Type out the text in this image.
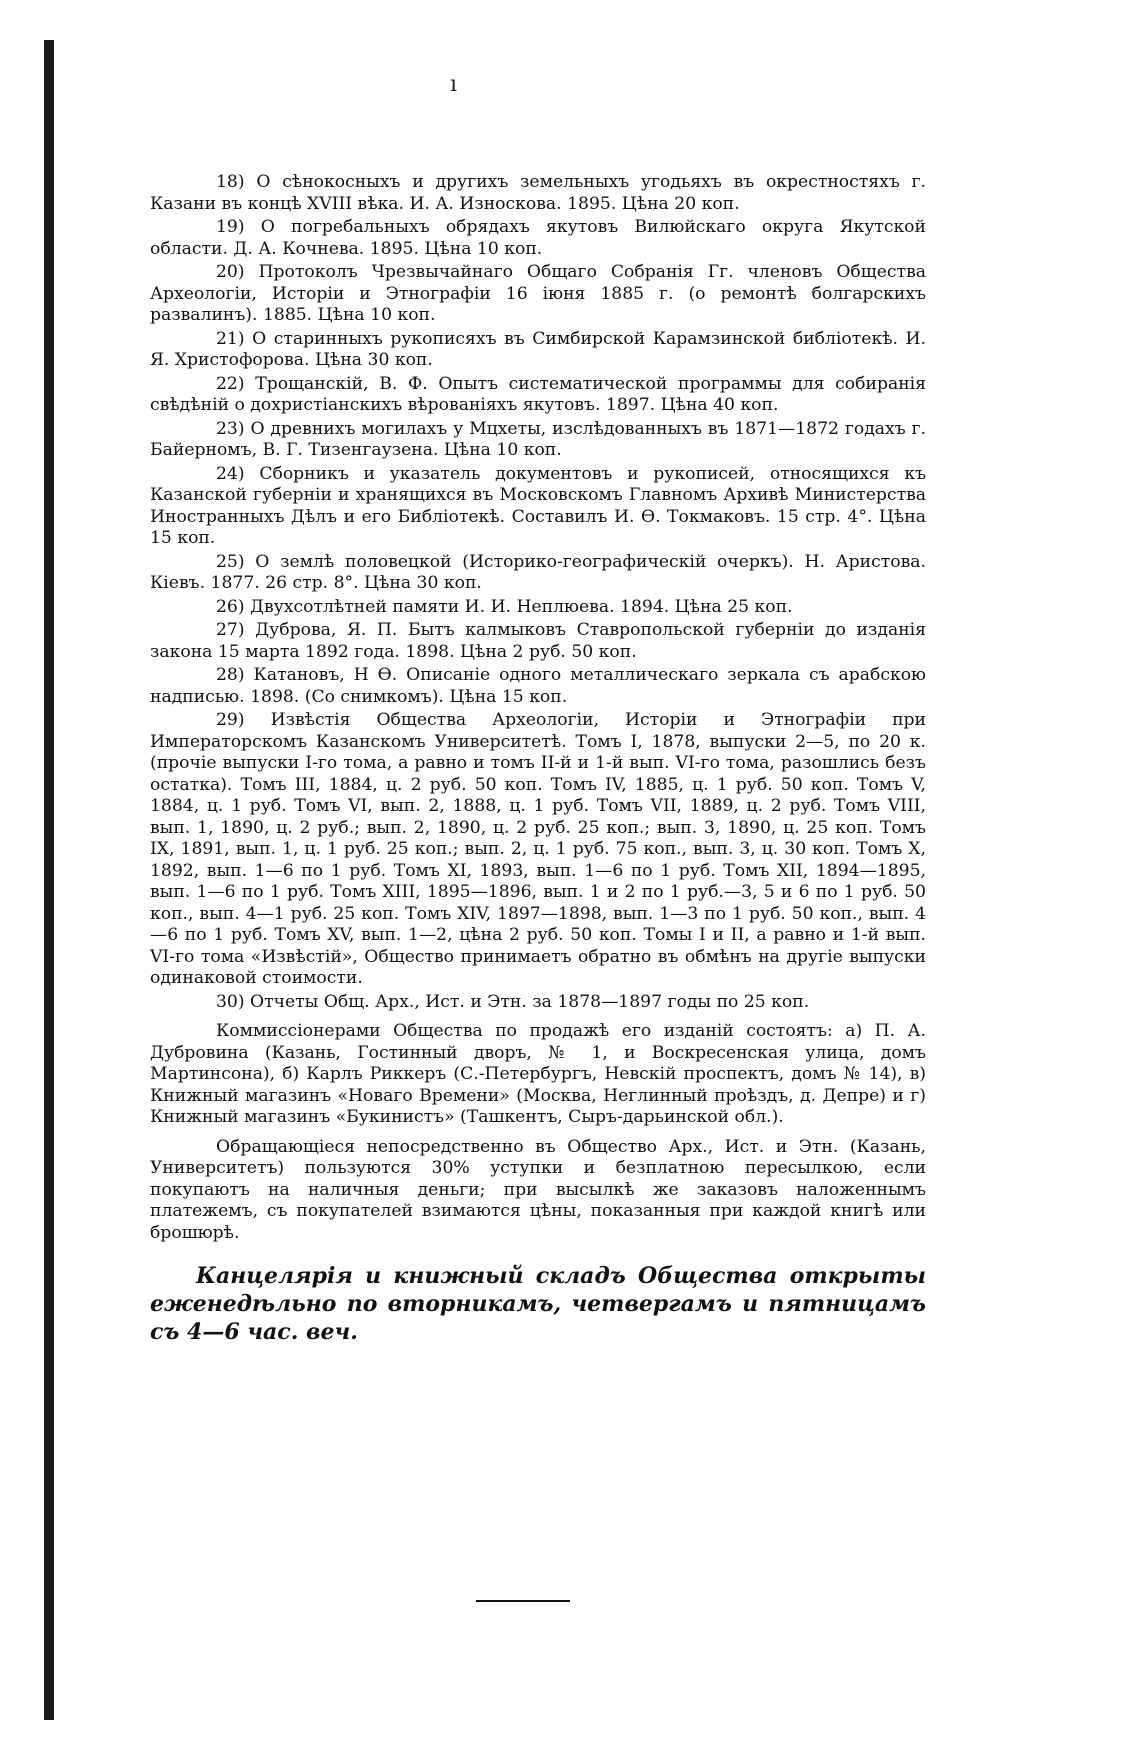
ı

18) О сѣнокосныхъ и другихъ земельныхъ угодьяхъ въ окрестностяхъ г. Казани въ концѣ XVIII вѣка. И. А. Износкова. 1895. Цѣна 20 коп.

19) О погребальныхъ обрядахъ якутовъ Вилюйскаго округа Якутской области. Д. А. Кочнева. 1895. Цѣна 10 коп.

20) Протоколъ Чрезвычайнаго Общаго Собранія Гг. членовъ Общества Археологіи, Исторіи и Этнографіи 16 іюня 1885 г. (о ремонтѣ болгарскихъ развалинъ). 1885. Цѣна 10 коп.

21) О старинныхъ рукописяхъ въ Симбирской Карамзинской библіотекѣ. И. Я. Христофорова. Цѣна 30 коп.

22) Трощанскій, В. Ф. Опытъ систематической программы для собиранія свѣдѣній о дохристіанскихъ вѣрованіяхъ якутовъ. 1897. Цѣна 40 коп.

23) О древнихъ могилахъ у Мцхеты, изслѣдованныхъ въ 1871—1872 годахъ г. Байерномъ, В. Г. Тизенгаузена. Цѣна 10 коп.

24) Сборникъ и указатель документовъ и рукописей, относящихся къ Казанской губерніи и хранящихся въ Московскомъ Главномъ Архивѣ Министерства Иностранныхъ Дѣлъ и его Библіотекѣ. Составилъ И. Ѳ. Токмаковъ. 15 стр. 4°. Цѣна 15 коп.

25) О землѣ половецкой (Историко-географическій очеркъ). Н. Аристова. Кіевъ. 1877. 26 стр. 8°. Цѣна 30 коп.

26) Двухсотлѣтней памяти И. И. Неплюева. 1894. Цѣна 25 коп.

27) Дуброва, Я. П. Бытъ калмыковъ Ставропольской губерніи до изданія закона 15 марта 1892 года. 1898. Цѣна 2 руб. 50 коп.

28) Катановъ, Н Ѳ. Описаніе одного металлическаго зеркала съ арабскою надписью. 1898. (Со снимкомъ). Цѣна 15 коп.

29) Извѣстія Общества Археологіи, Исторіи и Этнографіи при Императорскомъ Казанскомъ Университетѣ. Томъ I, 1878, выпуски 2—5, по 20 к. (прочіе выпуски I-го тома, а равно и томъ II-й и 1-й вып. VI-го тома, разошлись безъ остатка). Томъ III, 1884, ц. 2 руб. 50 коп. Томъ IV, 1885, ц. 1 руб. 50 коп. Томъ V, 1884, ц. 1 руб. Томъ VI, вып. 2, 1888, ц. 1 руб. Томъ VII, 1889, ц. 2 руб. Томъ VIII, вып. 1, 1890, ц. 2 руб.; вып. 2, 1890, ц. 2 руб. 25 коп.; вып. 3, 1890, ц. 25 коп. Томъ IX, 1891, вып. 1, ц. 1 руб. 25 коп.; вып. 2, ц. 1 руб. 75 коп., вып. 3, ц. 30 коп. Томъ X, 1892, вып. 1—6 по 1 руб. Томъ XI, 1893, вып. 1—6 по 1 руб. Томъ XII, 1894—1895, вып. 1—6 по 1 руб. Томъ XIII, 1895—1896, вып. 1 и 2 по 1 руб.—3, 5 и 6 по 1 руб. 50 коп., вып. 4—1 руб. 25 коп. Томъ XIV, 1897—1898, вып. 1—3 по 1 руб. 50 коп., вып. 4—6 по 1 руб. Томъ XV, вып. 1—2, цѣна 2 руб. 50 коп. Томы I и II, а равно и 1-й вып. VI-го тома «Извѣстій», Общество принимаетъ обратно въ обмѣнъ на другіе выпуски одинаковой стоимости.

30) Отчеты Общ. Арх., Ист. и Этн. за 1878—1897 годы по 25 коп.

Коммиссіонерами Общества по продажѣ его изданій состоятъ: а) П. А. Дубровина (Казань, Гостинный дворъ, № 1, и Воскресенская улица, домъ Мартинсона), б) Карлъ Риккеръ (С.-Петербургъ, Невскій проспектъ, домъ № 14), в) Книжный магазинъ «Новаго Времени» (Москва, Неглинный проѣздъ, д. Депре) и г) Книжный магазинъ «Букинистъ» (Ташкентъ, Сыръ-дарьинской обл.).

Обращающіеся непосредственно въ Общество Арх., Ист. и Этн. (Казань, Университетъ) пользуются 30% уступки и безплатною пересылкою, если покупаютъ на наличныя деньги; при высылкѣ же заказовъ наложеннымъ платежемъ, съ покупателей взимаются цѣны, показанныя при каждой книгѣ или брошюрѣ.

Канцелярія и книжный складъ Общества открыты еженедѣльно по вторникамъ, четвергамъ и пятницамъ съ 4—6 час. веч.
